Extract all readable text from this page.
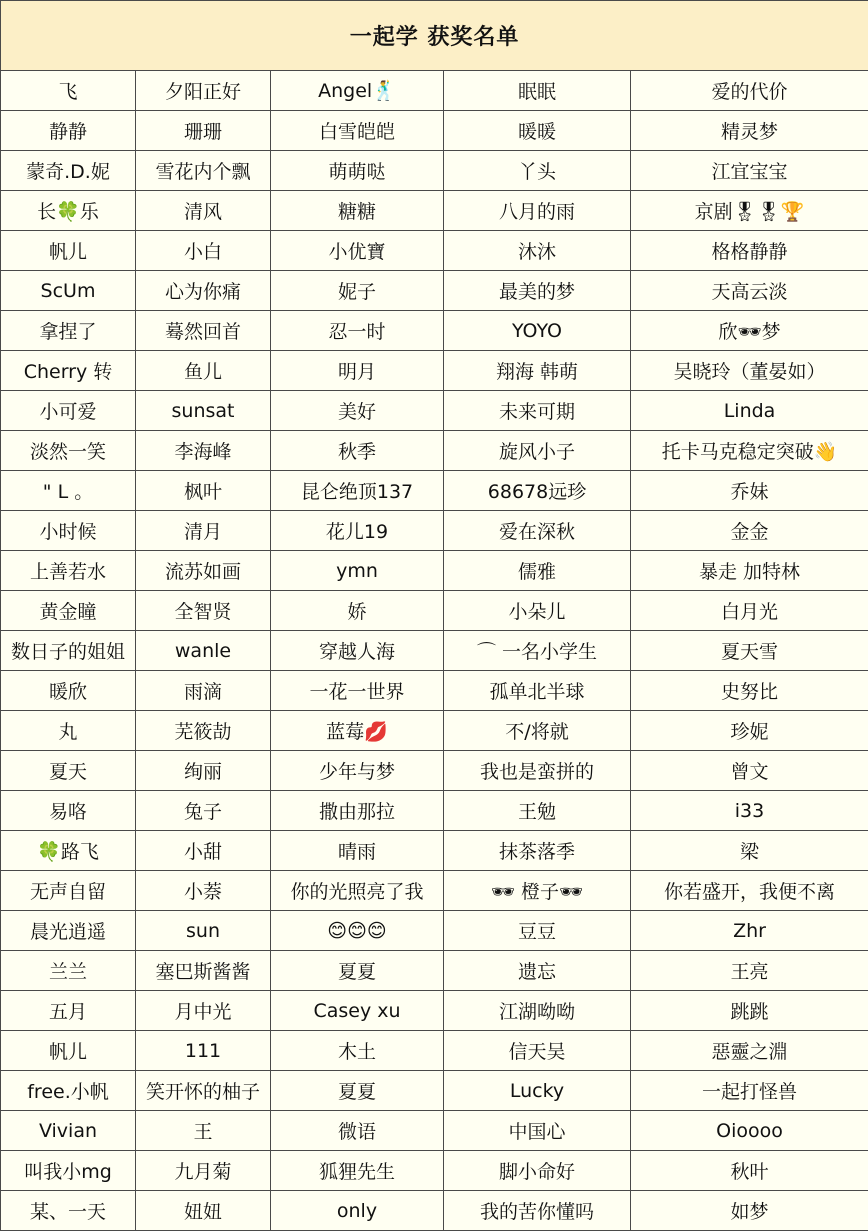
一起学 获奖名单				
飞	夕阳正好	Angel🕺	眠眠	爱的代价
静静	珊珊	白雪皑皑	暖暖	精灵梦
蒙奇.D.妮	雪花内个飘	萌萌哒	丫头	江宜宝宝
长🍀乐	清风	糖糖	八月的雨	京剧🎖🎖🏆
帆儿	小白	小优寶	沐沐	格格静静
ScUm	心为你痛	妮子	最美的梦	天高云淡
拿捏了	蓦然回首	忍一时	YOYO	欣🕶梦
Cherry 转	鱼儿	明月	翔海 韩萌	吴晓玲（董晏如）
小可爱	sunsat	美好	未来可期	Linda
淡然一笑	李海峰	秋季	旋风小子	托卡马克稳定突破👋
" L 。	枫叶	昆仑绝顶137	68678远珍	乔妹
小时候	清月	花儿19	爱在深秋	金金
上善若水	流苏如画	ymn	儒雅	暴走 加特林
黄金瞳	全智贤	娇	小朵儿	白月光
数日子的姐姐	wanle	穿越人海	⌒ 一名小学生	夏天雪
暖欣	雨滴	一花一世界	孤单北半球	史努比
丸	芜筱劼	蓝莓💋	不/将就	珍妮
夏天	绚丽	少年与梦	我也是蛮拼的	曾文
易咯	兔子	撒由那拉	王勉	i33
🍀路飞	小甜	晴雨	抹茶落季	梁
无声自留	小萘	你的光照亮了我	🕶 橙子🕶	你若盛开，我便不离
晨光逍遥	sun	😊😊😊	豆豆	Zhr
兰兰	塞巴斯酱酱	夏夏	遗忘	王亮
五月	月中光	Casey xu	江湖呦呦	跳跳
帆儿	111	木土	信天吴	惡靈之淵
free.小帆	笑开怀的柚子	夏夏	Lucky	一起打怪兽
Vivian	王	微语	中国心	Oioooo
叫我小mg	九月菊	狐狸先生	脚小命好	秋叶
某、一天	妞妞	only	我的苦你懂吗	如梦
